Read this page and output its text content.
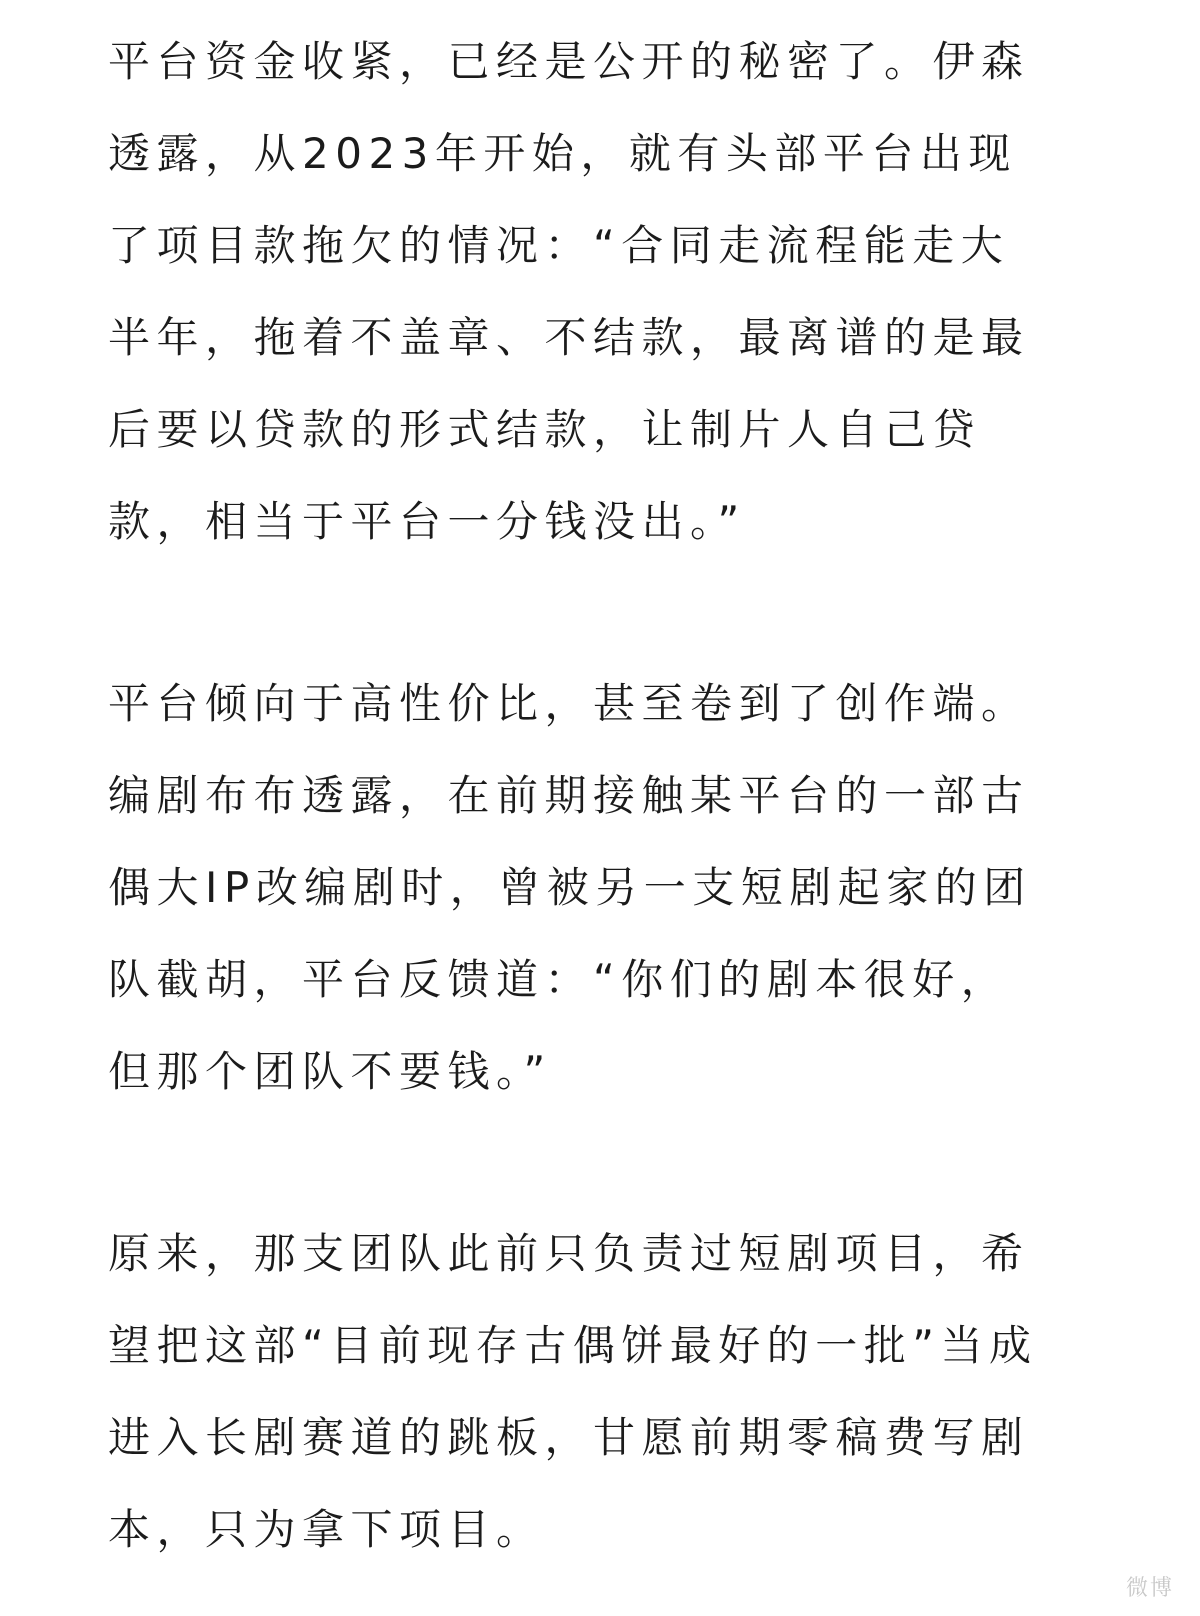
平台资金收紧，已经是公开的秘密了。伊森
透露，从2023年开始，就有头部平台出现
了项目款拖欠的情况：“合同走流程能走大
半年，拖着不盖章、不结款，最离谱的是最
后要以贷款的形式结款，让制片人自己贷
款，相当于平台一分钱没出。”
平台倾向于高性价比，甚至卷到了创作端。
编剧布布透露，在前期接触某平台的一部古
偶大IP改编剧时，曾被另一支短剧起家的团
队截胡，平台反馈道：“你们的剧本很好，
但那个团队不要钱。”
原来，那支团队此前只负责过短剧项目，希
望把这部“目前现存古偶饼最好的一批”当成
进入长剧赛道的跳板，甘愿前期零稿费写剧
本，只为拿下项目。
微博
